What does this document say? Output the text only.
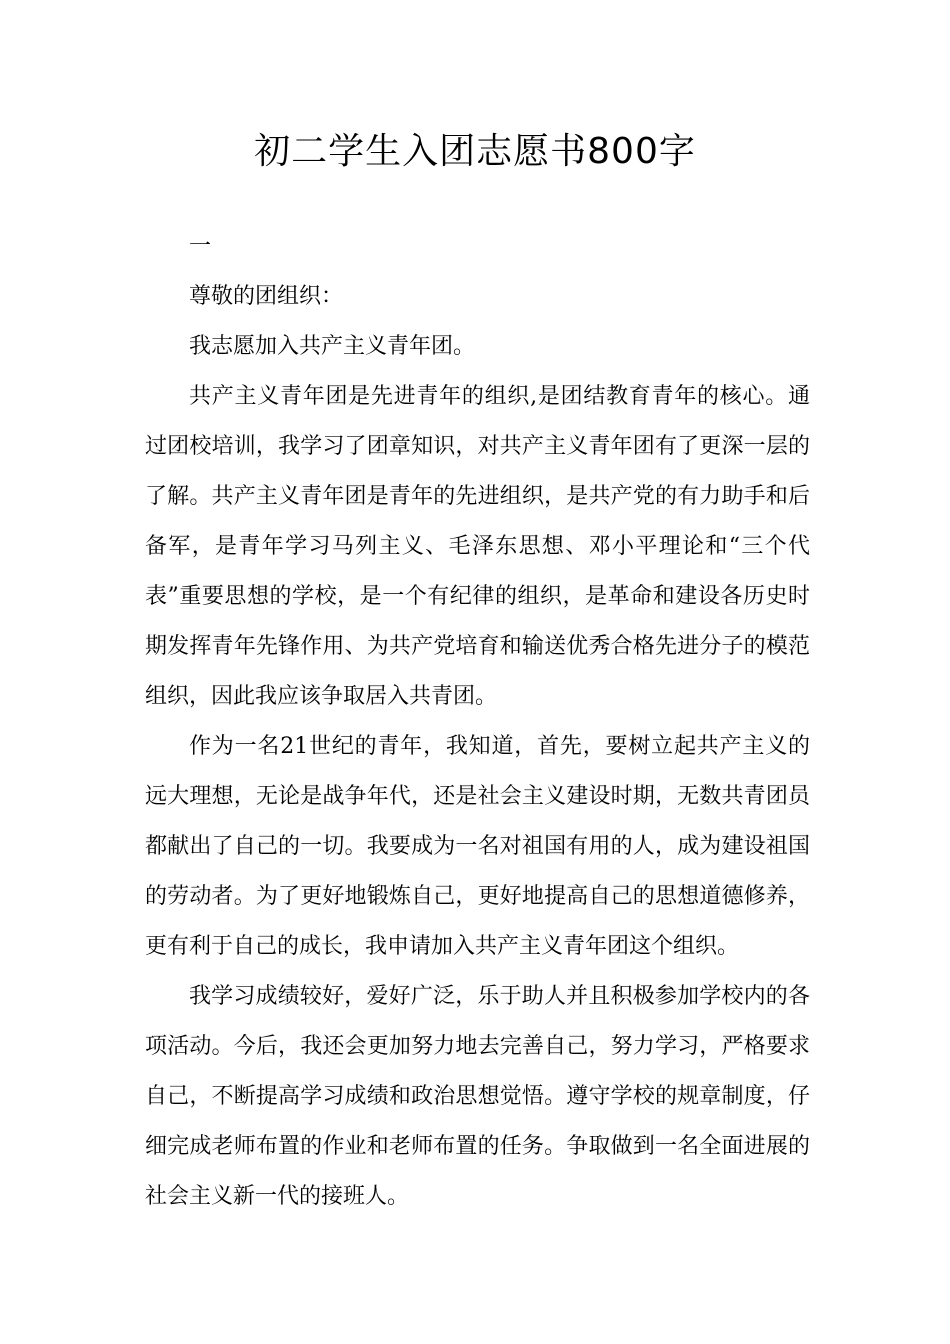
初二学生入团志愿书800字

一

尊敬的团组织：

我志愿加入共产主义青年团。

共产主义青年团是先进青年的组织,是团结教育青年的核心。通过团校培训，我学习了团章知识，对共产主义青年团有了更深一层的了解。共产主义青年团是青年的先进组织，是共产党的有力助手和后备军，是青年学习马列主义、毛泽东思想、邓小平理论和“三个代表”重要思想的学校，是一个有纪律的组织，是革命和建设各历史时期发挥青年先锋作用、为共产党培育和输送优秀合格先进分子的模范组织，因此我应该争取居入共青团。

作为一名21世纪的青年，我知道，首先，要树立起共产主义的远大理想，无论是战争年代，还是社会主义建设时期，无数共青团员都献出了自己的一切。我要成为一名对祖国有用的人，成为建设祖国的劳动者。为了更好地锻炼自己，更好地提高自己的思想道德修养，更有利于自己的成长，我申请加入共产主义青年团这个组织。

我学习成绩较好，爱好广泛，乐于助人并且积极参加学校内的各项活动。今后，我还会更加努力地去完善自己，努力学习，严格要求自己，不断提高学习成绩和政治思想觉悟。遵守学校的规章制度，仔细完成老师布置的作业和老师布置的任务。争取做到一名全面进展的社会主义新一代的接班人。
